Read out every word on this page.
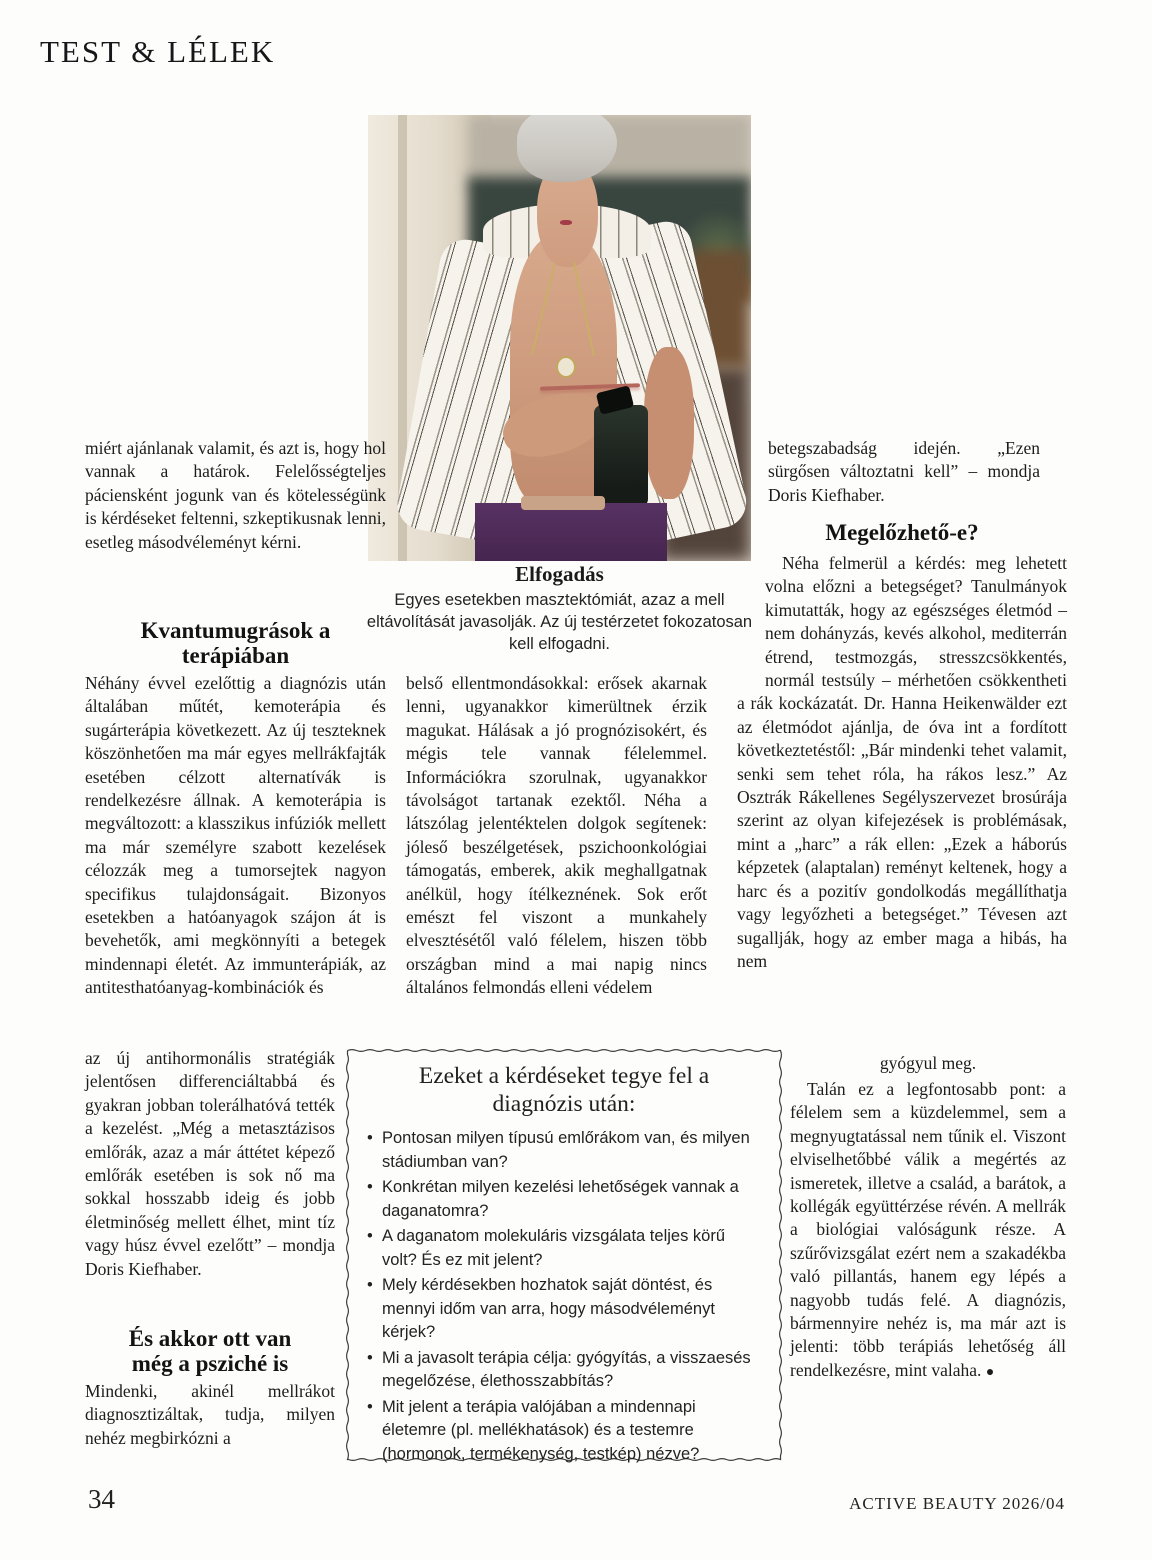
TEST & LÉLEK
Elfogadás
Egyes esetekben masztektómiát, azaz a mell eltávolítását javasolják. Az új testérzetet fokozatosan kell elfogadni.
miért ajánlanak valamit, és azt is, hogy hol vannak a határok. Felelősségteljes páciensként jogunk van és kötelességünk is kérdéseket feltenni, szkeptikusnak lenni, esetleg másodvéleményt kérni.
Kvantumugrások a terápiában
Néhány évvel ezelőttig a diagnózis után általában műtét, kemoterápia és sugárterápia következett. Az új teszteknek köszönhetően ma már egyes mellrákfajták esetében célzott alternatívák is rendelkezésre állnak. A kemoterápia is megváltozott: a klasszikus infúziók mellett ma már személyre szabott kezelések célozzák meg a tumorsejtek nagyon specifikus tulajdonságait. Bizonyos esetekben a hatóanyagok szájon át is bevehetők, ami megkönnyíti a betegek mindennapi életét. Az immunterápiák, az antitesthatóanyag-kombinációk és
az új antihormonális stratégiák jelentősen differenciáltabbá és gyakran jobban tolerálhatóvá tették a kezelést. „Még a metasztázisos emlőrák, azaz a már áttétet képező emlőrák esetében is sok nő ma sokkal hosszabb ideig és jobb életminőség mellett élhet, mint tíz vagy húsz évvel ezelőtt” – mondja Doris Kiefhaber.
És akkor ott van még a psziché is
Mindenki, akinél mellrákot diagnosztizáltak, tudja, milyen nehéz megbirkózni a
belső ellentmondásokkal: erősek akarnak lenni, ugyanakkor kimerültnek érzik magukat. Hálásak a jó prognózisokért, és mégis tele vannak félelemmel. Információkra szorulnak, ugyanakkor távolságot tartanak ezektől. Néha a látszólag jelentéktelen dolgok segítenek: jóleső beszélgetések, pszichoonkológiai támogatás, emberek, akik meghallgatnak anélkül, hogy ítélkeznének. Sok erőt emészt fel viszont a munkahely elvesztésétől való félelem, hiszen több országban mind a mai napig nincs általános felmondás elleni védelem
betegszabadság idején. „Ezen sürgősen változtatni kell” – mondja Doris Kiefhaber.
Megelőzhető-e?
Néha felmerül a kérdés: meg lehetett volna előzni a betegséget? Tanulmányok kimutatták, hogy az egészséges életmód – nem dohányzás, kevés alkohol, mediterrán étrend, testmozgás, stresszcsökkentés, normál testsúly – mérhetően csökkentheti a rák kockázatát. Dr. Hanna Heikenwälder ezt az életmódot ajánlja, de óva int a fordított következtetéstől: „Bár mindenki tehet valamit, senki sem tehet róla, ha rákos lesz.” Az Osztrák Rákellenes Segélyszervezet brosúrája szerint az olyan kifejezések is problémásak, mint a „harc” a rák ellen: „Ezek a háborús képzetek (alaptalan) reményt keltenek, hogy a harc és a pozitív gondolkodás megállíthatja vagy legyőzheti a betegséget.” Tévesen azt sugallják, hogy az ember maga a hibás, ha nem
gyógyul meg.
Talán ez a legfontosabb pont: a félelem sem a küzdelemmel, sem a megnyugtatással nem tűnik el. Viszont elviselhetőbbé válik a megértés az ismeretek, illetve a család, a barátok, a kollégák együttérzése révén. A mellrák a biológiai valóságunk része. A szűrővizsgálat ezért nem a szakadékba való pillantás, hanem egy lépés a nagyobb tudás felé. A diagnózis, bármennyire nehéz is, ma már azt is jelenti: több terápiás lehetőség áll rendelkezésre, mint valaha. ●
Ezeket a kérdéseket tegye fel a diagnózis után:
• Pontosan milyen típusú emlőrákom van, és milyen stádiumban van?
• Konkrétan milyen kezelési lehetőségek vannak a daganatomra?
• A daganatom molekuláris vizsgálata teljes körű volt? És ez mit jelent?
• Mely kérdésekben hozhatok saját döntést, és mennyi időm van arra, hogy másodvéleményt kérjek?
• Mi a javasolt terápia célja: gyógyítás, a visszaesés megelőzése, élethosszabbítás?
• Mit jelent a terápia valójában a mindennapi életemre (pl. mellékhatások) és a testemre (hormonok, termékenység, testkép) nézve?
34	ACTIVE BEAUTY 2026/04
